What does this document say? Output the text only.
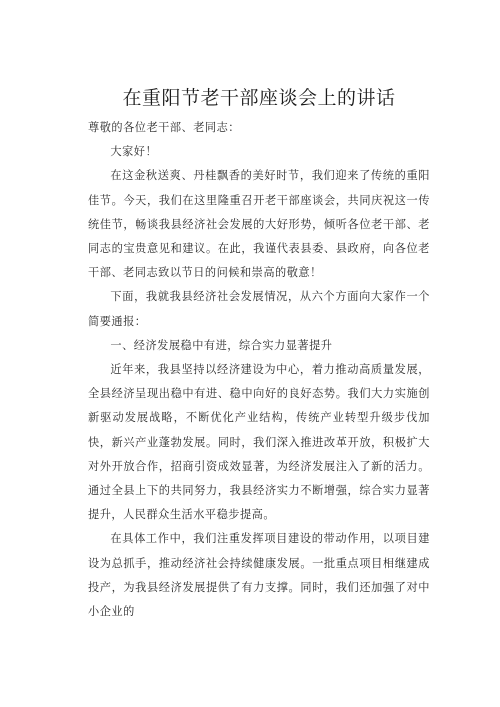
在重阳节老干部座谈会上的讲话

尊敬的各位老干部、老同志：

大家好！

在这金秋送爽、丹桂飘香的美好时节，我们迎来了传统的重阳佳节。今天，我们在这里隆重召开老干部座谈会，共同庆祝这一传统佳节，畅谈我县经济社会发展的大好形势，倾听各位老干部、老同志的宝贵意见和建议。在此，我谨代表县委、县政府，向各位老干部、老同志致以节日的问候和崇高的敬意！

下面，我就我县经济社会发展情况，从六个方面向大家作一个简要通报：

一、经济发展稳中有进，综合实力显著提升

近年来，我县坚持以经济建设为中心，着力推动高质量发展，全县经济呈现出稳中有进、稳中向好的良好态势。我们大力实施创新驱动发展战略，不断优化产业结构，传统产业转型升级步伐加快，新兴产业蓬勃发展。同时，我们深入推进改革开放，积极扩大对外开放合作，招商引资成效显著，为经济发展注入了新的活力。通过全县上下的共同努力，我县经济实力不断增强，综合实力显著提升，人民群众生活水平稳步提高。

在具体工作中，我们注重发挥项目建设的带动作用，以项目建设为总抓手，推动经济社会持续健康发展。一批重点项目相继建成投产，为我县经济发展提供了有力支撑。同时，我们还加强了对中小企业的
